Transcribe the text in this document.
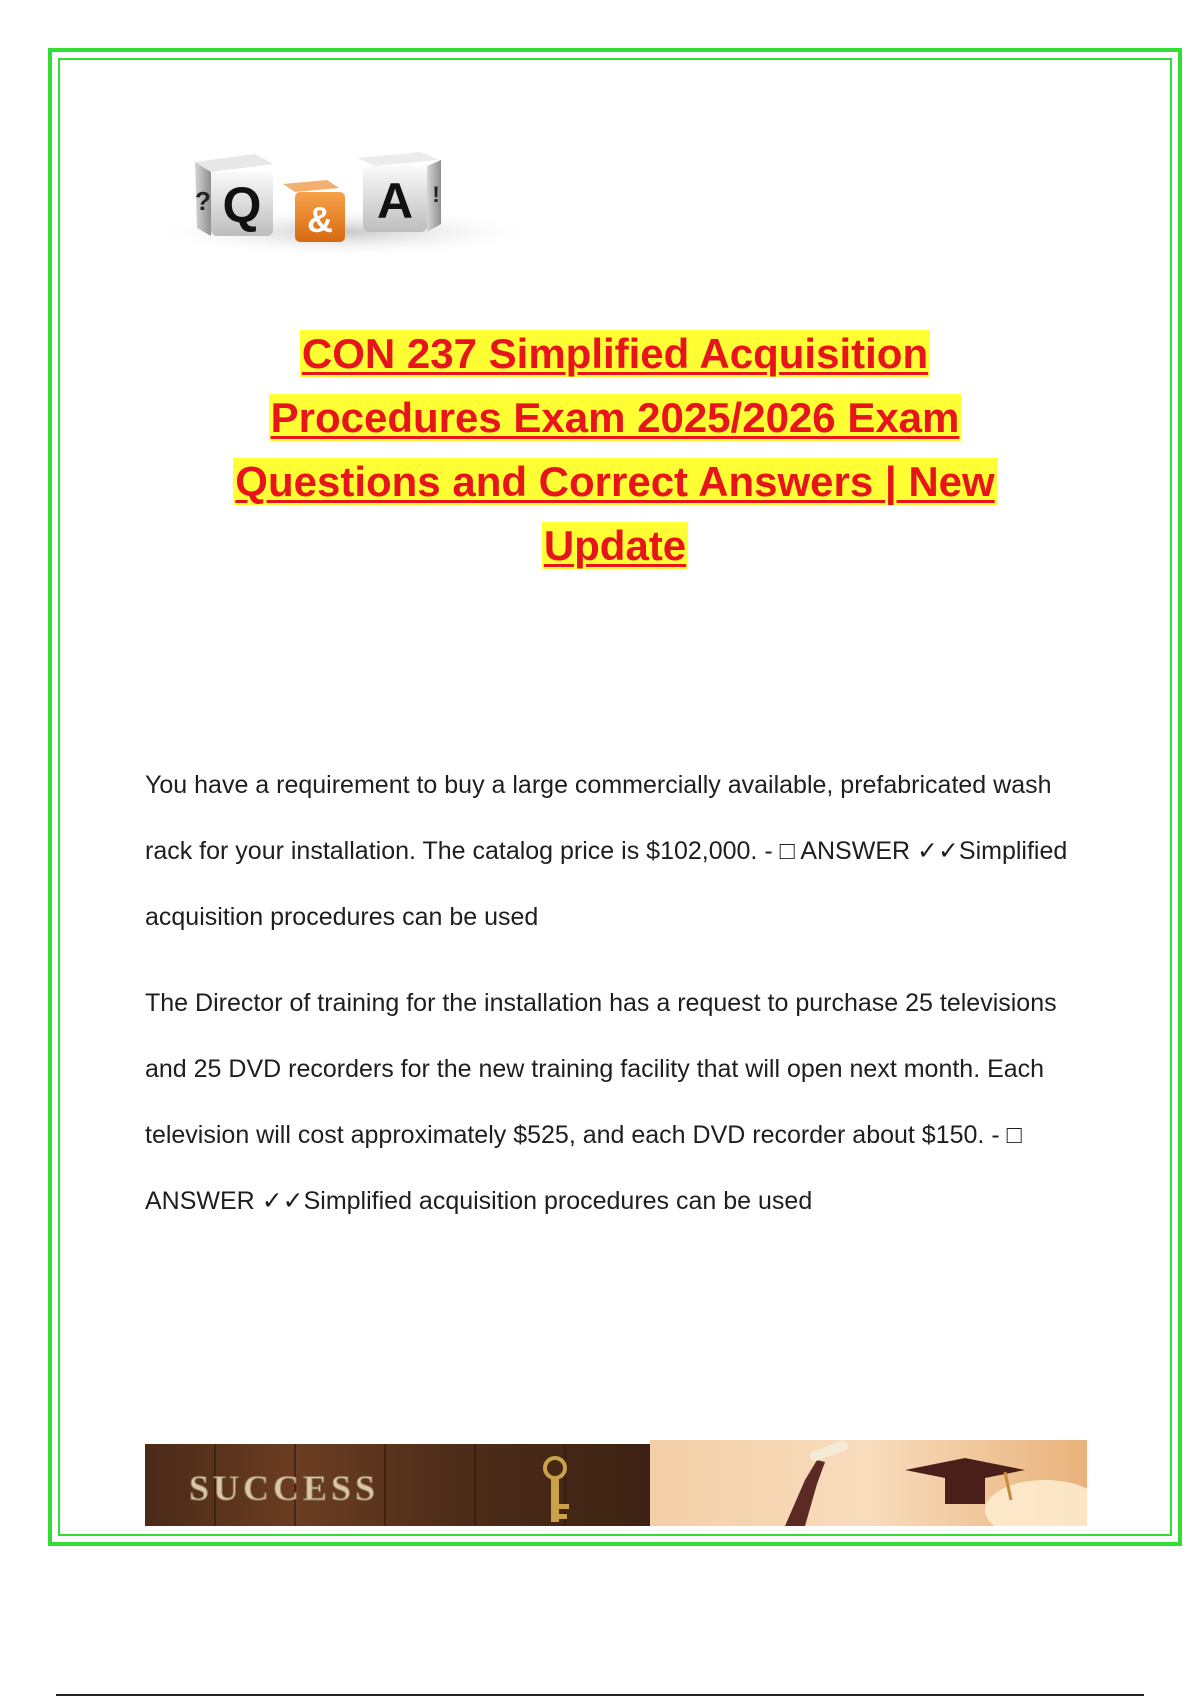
Q
?	& A !
CON 237 Simplified Acquisition
Procedures Exam 2025/2026 Exam
Questions and Correct Answers | New
Update

You have a requirement to buy a large commercially available, prefabricated wash rack for your installation. The catalog price is $102,000. - □ ANSWER ✓✓Simplified acquisition procedures can be used

The Director of training for the installation has a request to purchase 25 televisions and 25 DVD recorders for the new training facility that will open next month. Each television will cost approximately $525, and each DVD recorder about $150. - □ ANSWER ✓✓Simplified acquisition procedures can be used

SUCCESS
